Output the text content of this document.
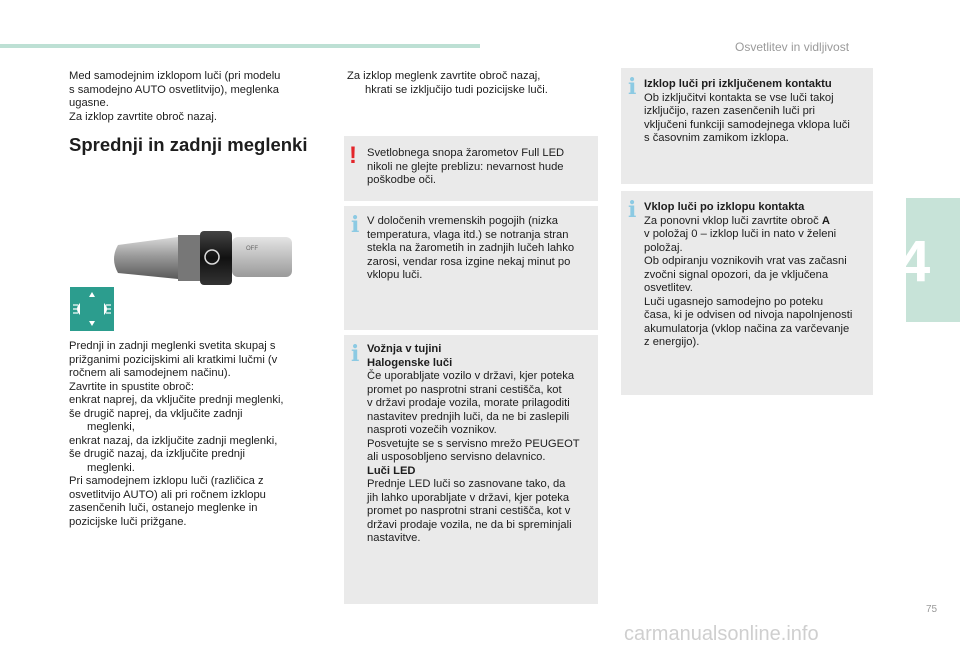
Osvetlitev in vidljivost
4
Med samodejnim izklopom luči (pri modelu
s samodejno AUTO osvetlitvijo), meglenka
ugasne.
Za izklop zavrtite obroč nazaj.
Sprednji in zadnji meglenki
OFF
Prednji in zadnji meglenki svetita skupaj s
prižganimi pozicijskimi ali kratkimi lučmi (v
ročnem ali samodejnem načinu).
Zavrtite in spustite obroč:
enkrat naprej, da vključite prednji meglenki,
še drugič naprej, da vključite zadnji
meglenki,
enkrat nazaj, da izključite zadnji meglenki,
še drugič nazaj, da izključite prednji
meglenki.
Pri samodejnem izklopu luči (različica z
osvetlitvijo AUTO) ali pri ročnem izklopu
zasenčenih luči, ostanejo meglenke in
pozicijske luči prižgane.
Za izklop meglenk zavrtite obroč nazaj,
hkrati se izključijo tudi pozicijske luči.
! Svetlobnega snopa žarometov Full LED
nikoli ne glejte preblizu: nevarnost hude
poškodbe oči.
i V določenih vremenskih pogojih (nizka
temperatura, vlaga itd.) se notranja stran
stekla na žarometih in zadnjih lučeh lahko
zarosi, vendar rosa izgine nekaj minut po
vklopu luči.
i Vožnja v tujini
Halogenske luči
Če uporabljate vozilo v državi, kjer poteka
promet po nasprotni strani cestišča, kot
v državi prodaje vozila, morate prilagoditi
nastavitev prednjih luči, da ne bi zaslepili
nasproti vozečih voznikov.
Posvetujte se s servisno mrežo PEUGEOT
ali usposobljeno servisno delavnico.
Luči LED
Prednje LED luči so zasnovane tako, da
jih lahko uporabljate v državi, kjer poteka
promet po nasprotni strani cestišča, kot v
državi prodaje vozila, ne da bi spreminjali
nastavitve.
i Izklop luči pri izključenem kontaktu
Ob izključitvi kontakta se vse luči takoj
izključijo, razen zasenčenih luči pri
vključeni funkciji samodejnega vklopa luči
s časovnim zamikom izklopa.
i Vklop luči po izklopu kontakta
Za ponovni vklop luči zavrtite obroč A
v položaj 0 – izklop luči in nato v želeni
položaj.
Ob odpiranju voznikovih vrat vas začasni
zvočni signal opozori, da je vključena
osvetlitev.
Luči ugasnejo samodejno po poteku
časa, ki je odvisen od nivoja napolnjenosti
akumulatorja (vklop načina za varčevanje
z energijo).
75
carmanualsonline.info
